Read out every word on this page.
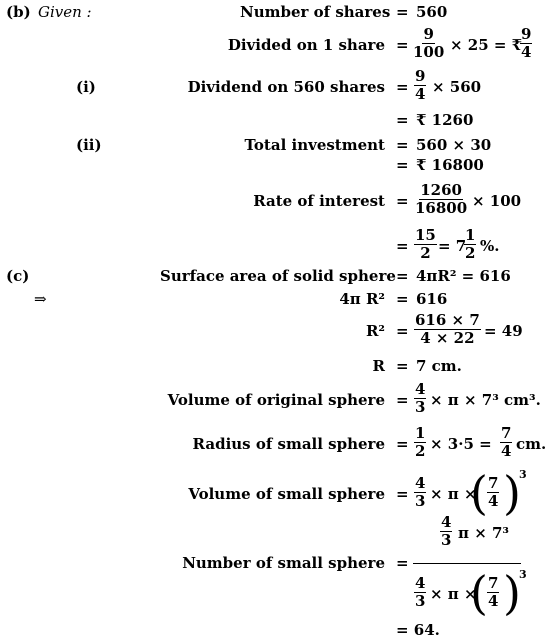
(b) Given :	Number of shares = 560
Divided on 1 share = $\frac{9}{100} \times 25$ = ₹
$\frac{9}{4}$
(i)	Dividend on 560 shares = $\frac{9}{4} \times 560$
= ₹ 1260
(ii)	Total investment = 560 × 30
= ₹ 16800
Rate of interest = $\frac{1260}{16800} \times 100$
= $\frac{15}{2} = 7$
$\frac{1}{2}$ %.
(c)
⇒
Surface area of solid sphere = 4πR² = 616
4π R² = 616
$R^2 = \frac{616 \times 7}{4 \times 22} = 49$
R = 7 cm.
Volume of original sphere = $\frac{4}{3} \times \pi \times 7^3$ cm³.
Radius of small sphere = $\frac{1}{2} \times 3\cdot 5 = \frac{7}{4}$ cm.
Volume of small sphere = $\frac{4}{3} \times \pi$ ×
( $\frac{7}{4}$ )
3
Number of small sphere =
$\frac{4}{3}$ π × 7³
$\frac{4}{3} \times \pi$ ×
( $\frac{7}{4}$ )
3
= 64.
